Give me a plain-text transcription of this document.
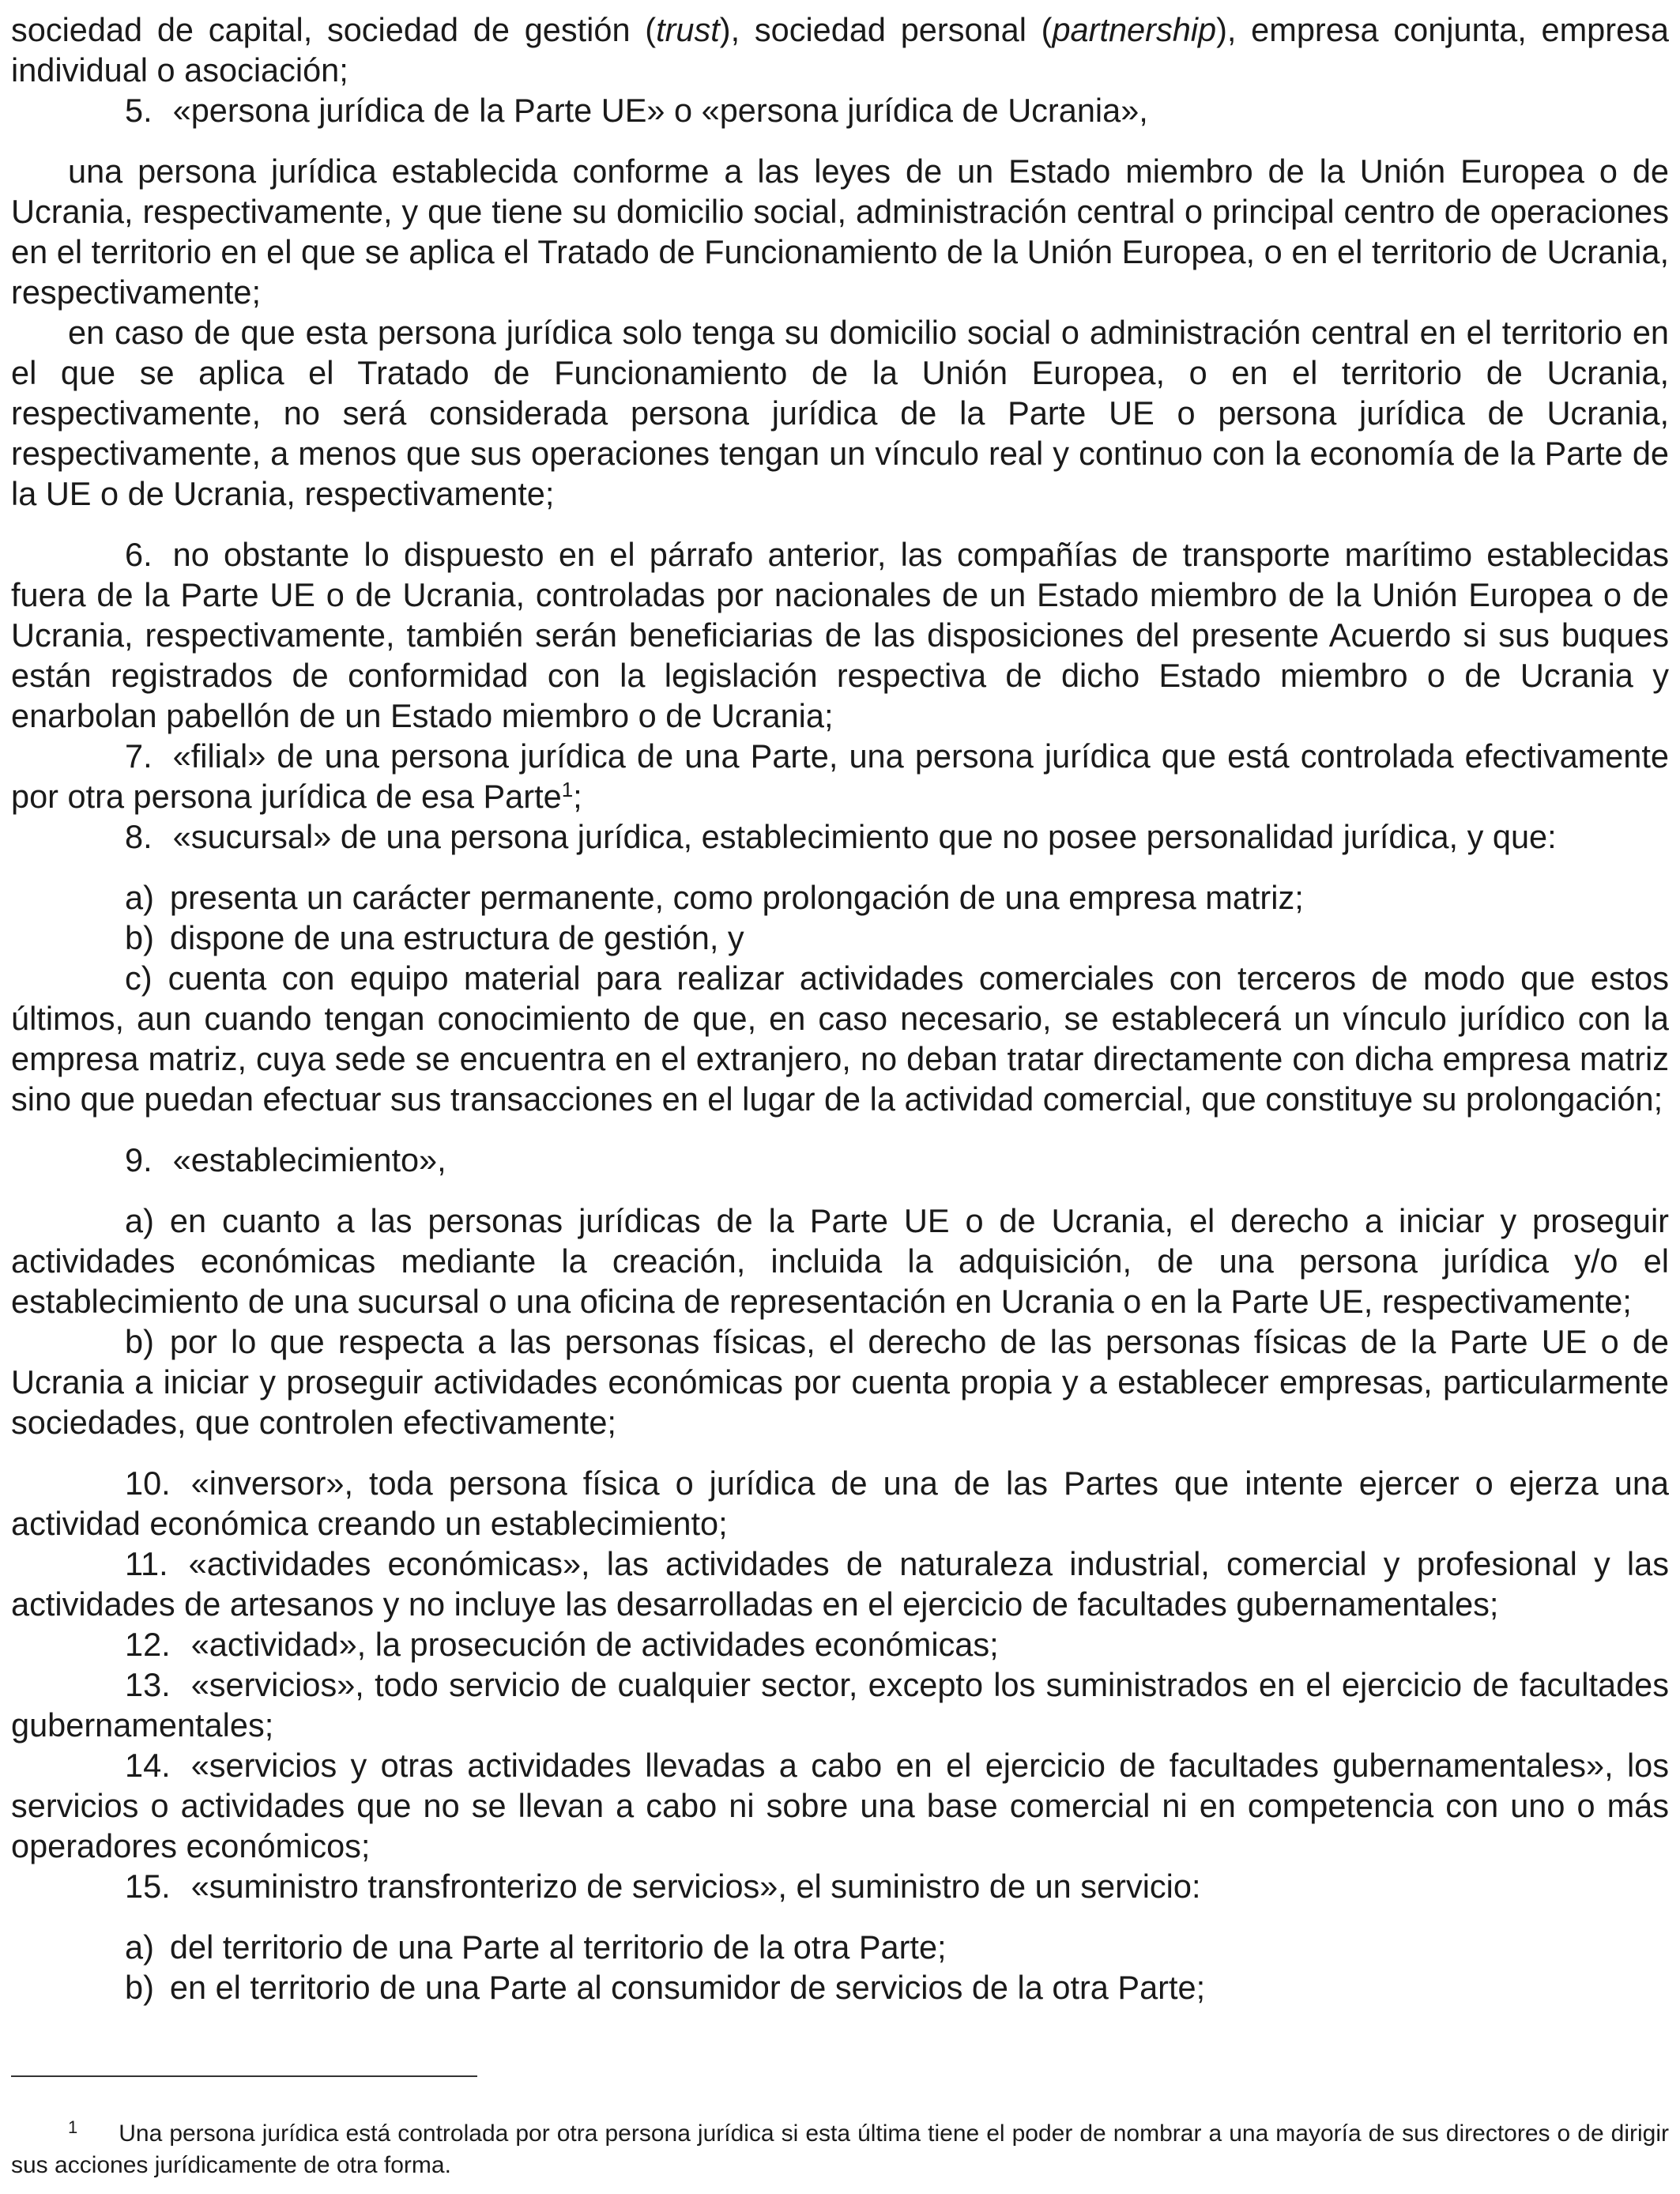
sociedad de capital, sociedad de gestión (trust), sociedad personal (partnership), empresa conjunta, empresa individual o asociación;

5. «persona jurídica de la Parte UE» o «persona jurídica de Ucrania»,

una persona jurídica establecida conforme a las leyes de un Estado miembro de la Unión Europea o de Ucrania, respectivamente, y que tiene su domicilio social, administración central o principal centro de operaciones en el territorio en el que se aplica el Tratado de Funcionamiento de la Unión Europea, o en el territorio de Ucrania, respectivamente;

en caso de que esta persona jurídica solo tenga su domicilio social o administración central en el territorio en el que se aplica el Tratado de Funcionamiento de la Unión Europea, o en el territorio de Ucrania, respectivamente, no será considerada persona jurídica de la Parte UE o persona jurídica de Ucrania, respectivamente, a menos que sus operaciones tengan un vínculo real y continuo con la economía de la Parte de la UE o de Ucrania, respectivamente;

6. no obstante lo dispuesto en el párrafo anterior, las compañías de transporte marítimo establecidas fuera de la Parte UE o de Ucrania, controladas por nacionales de un Estado miembro de la Unión Europea o de Ucrania, respectivamente, también serán beneficiarias de las disposiciones del presente Acuerdo si sus buques están registrados de conformidad con la legislación respectiva de dicho Estado miembro o de Ucrania y enarbolan pabellón de un Estado miembro o de Ucrania;

7. «filial» de una persona jurídica de una Parte, una persona jurídica que está controlada efectivamente por otra persona jurídica de esa Parte$^1$;

8. «sucursal» de una persona jurídica, establecimiento que no posee personalidad jurídica, y que:

a) presenta un carácter permanente, como prolongación de una empresa matriz;

b) dispone de una estructura de gestión, y

c) cuenta con equipo material para realizar actividades comerciales con terceros de modo que estos últimos, aun cuando tengan conocimiento de que, en caso necesario, se establecerá un vínculo jurídico con la empresa matriz, cuya sede se encuentra en el extranjero, no deban tratar directamente con dicha empresa matriz sino que puedan efectuar sus transacciones en el lugar de la actividad comercial, que constituye su prolongación;

9. «establecimiento»,

a) en cuanto a las personas jurídicas de la Parte UE o de Ucrania, el derecho a iniciar y proseguir actividades económicas mediante la creación, incluida la adquisición, de una persona jurídica y/o el establecimiento de una sucursal o una oficina de representación en Ucrania o en la Parte UE, respectivamente;

b) por lo que respecta a las personas físicas, el derecho de las personas físicas de la Parte UE o de Ucrania a iniciar y proseguir actividades económicas por cuenta propia y a establecer empresas, particularmente sociedades, que controlen efectivamente;

10. «inversor», toda persona física o jurídica de una de las Partes que intente ejercer o ejerza una actividad económica creando un establecimiento;

11. «actividades económicas», las actividades de naturaleza industrial, comercial y profesional y las actividades de artesanos y no incluye las desarrolladas en el ejercicio de facultades gubernamentales;

12. «actividad», la prosecución de actividades económicas;

13. «servicios», todo servicio de cualquier sector, excepto los suministrados en el ejercicio de facultades gubernamentales;

14. «servicios y otras actividades llevadas a cabo en el ejercicio de facultades gubernamentales», los servicios o actividades que no se llevan a cabo ni sobre una base comercial ni en competencia con uno o más operadores económicos;

15. «suministro transfronterizo de servicios», el suministro de un servicio:

a) del territorio de una Parte al territorio de la otra Parte;

b) en el territorio de una Parte al consumidor de servicios de la otra Parte;

1 Una persona jurídica está controlada por otra persona jurídica si esta última tiene el poder de nombrar a una mayoría de sus directores o de dirigir sus acciones jurídicamente de otra forma.
